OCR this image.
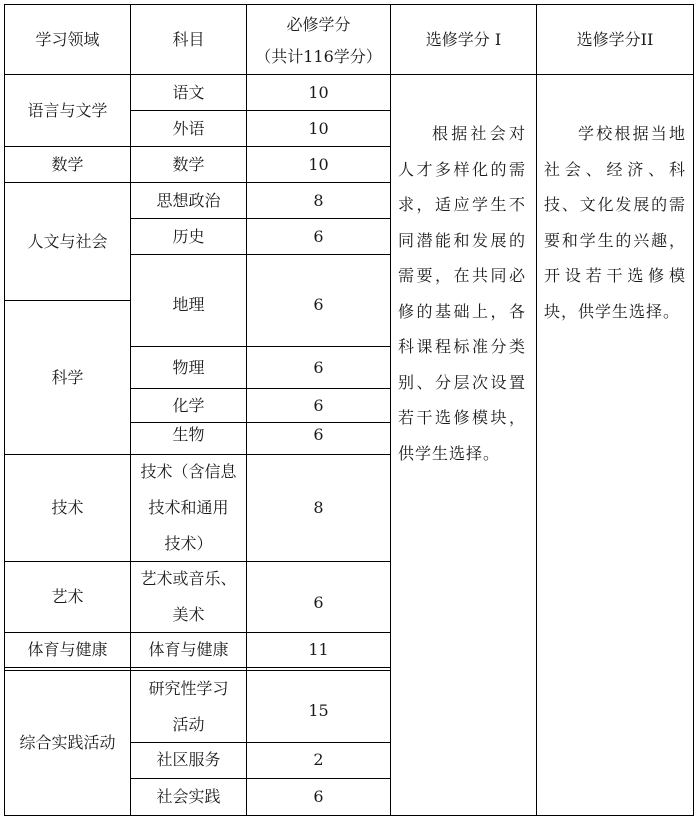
学习领域	科目
必修学分
（共计116学分）
选修学分 I	选修学分II
语言与文学
数学
人文与社会
科学
技术
艺术
体育与健康
综合实践活动
语文
外语
数学
思想政治
历史
地理
物理
化学
生物
技术（含信息
技术和通用
技术）
艺术或音乐、
美术
体育与健康
研究性学习
活动
社区服务
社会实践
10
10
10
8
6
6
6
6
6
8
6
11
15
2
6
根据社会对人才多样化的需求，适应学生不同潜能和发展的需要，在共同必修的基础上，各科课程标准分类别、分层次设置若干选修模块，供学生选择。
学校根据当地社会、经济、科技、文化发展的需要和学生的兴趣，开设若干选修模块，供学生选择。
